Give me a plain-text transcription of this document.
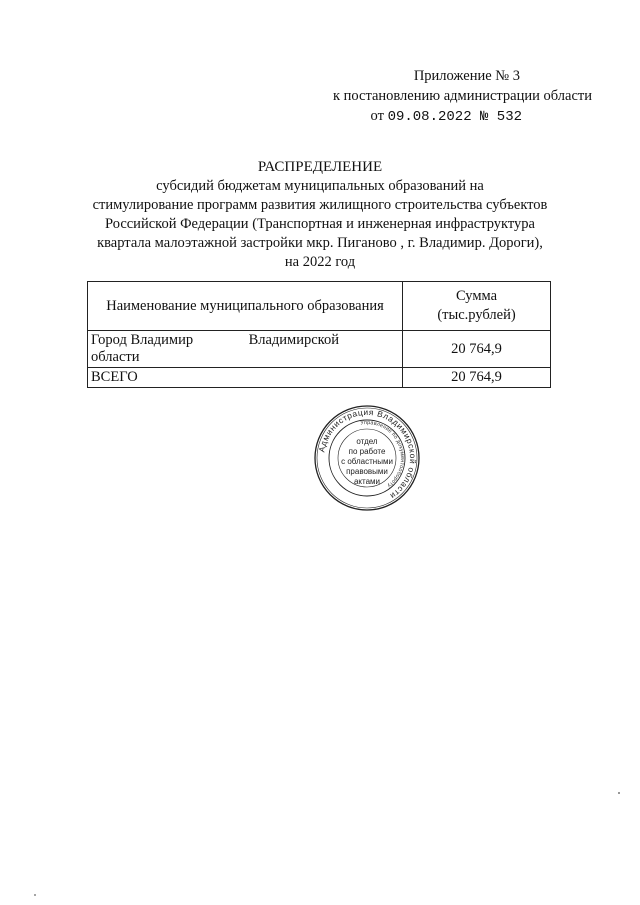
Приложение № 3
к постановлению администрации области
от 09.08.2022 № 532
РАСПРЕДЕЛЕНИЕ
субсидий бюджетам муниципальных образований на
стимулирование программ развития жилищного строительства субъектов
Российской Федерации (Транспортная и инженерная инфраструктура
квартала малоэтажной застройки мкр. Пиганово , г. Владимир. Дороги),
на 2022 год
Наименование муниципального образования	Сумма
(тыс.рублей)

Город Владимир Владимирской
области	20 764,9
ВСЕГО	20 764,9
Администрация Владимирской области
Управление по документообороту
отдел
по работе
с областными
правовыми
актами
